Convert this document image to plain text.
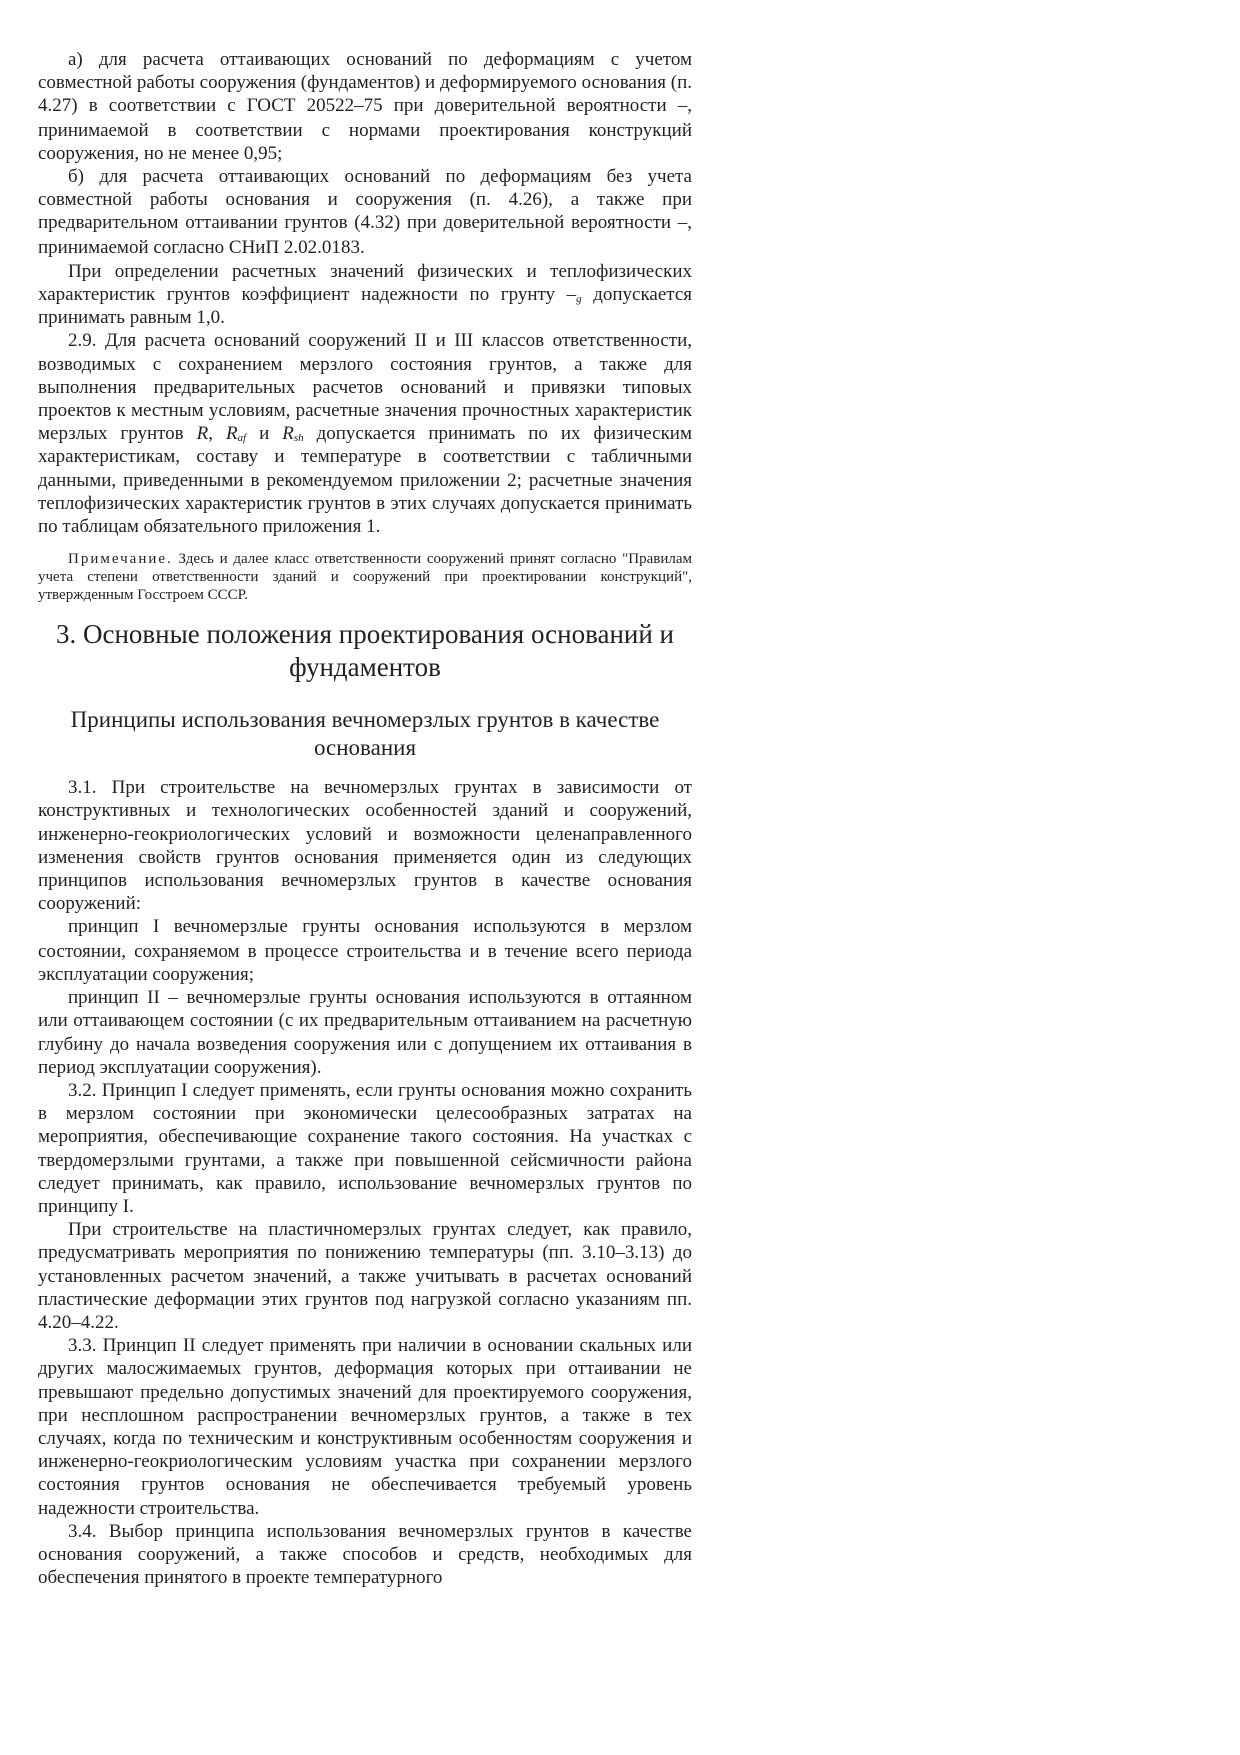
а) для расчета оттаивающих оснований по деформациям с учетом совместной работы сооружения (фундаментов) и деформируемого основания (п. 4.27) в соответствии с ГОСТ 20522–75 при доверительной вероятности –, принимаемой в соответствии с нормами проектирования конструкций сооружения, но не менее 0,95;

б) для расчета оттаивающих оснований по деформациям без учета совместной работы основания и сооружения (п. 4.26), а также при предварительном оттаивании грунтов (4.32) при доверительной вероятности –, принимаемой согласно СНиП 2.02.0183.

При определении расчетных значений физических и теплофизических характеристик грунтов коэффициент надежности по грунту $-_g$ допускается принимать равным 1,0.

2.9. Для расчета оснований сооружений II и III классов ответственности, возводимых с сохранением мерзлого состояния грунтов, а также для выполнения предварительных расчетов оснований и привязки типовых проектов к местным условиям, расчетные значения прочностных характеристик мерзлых грунтов R, $R_{af}$ и $R_{sh}$ допускается принимать по их физическим характеристикам, составу и температуре в соответствии с табличными данными, приведенными в рекомендуемом приложении 2; расчетные значения теплофизических характеристик грунтов в этих случаях допускается принимать по таблицам обязательного приложения 1.

Примечание. Здесь и далее класс ответственности сооружений принят согласно "Правилам учета степени ответственности зданий и сооружений при проектировании конструкций", утвержденным Госстроем СССР.

3. Основные положения проектирования оснований и фундаментов
Принципы использования вечномерзлых грунтов в качестве основания

3.1. При строительстве на вечномерзлых грунтах в зависимости от конструктивных и технологических особенностей зданий и сооружений, инженерно-геокриологических условий и возможности целенаправленного изменения свойств грунтов основания применяется один из следующих принципов использования вечномерзлых грунтов в качестве основания сооружений:

принцип I вечномерзлые грунты основания используются в мерзлом состоянии, сохраняемом в процессе строительства и в течение всего периода эксплуатации сооружения;

принцип II – вечномерзлые грунты основания используются в оттаянном или оттаивающем состоянии (с их предварительным оттаиванием на расчетную глубину до начала возведения сооружения или с допущением их оттаивания в период эксплуатации сооружения).

3.2. Принцип I следует применять, если грунты основания можно сохранить в мерзлом состоянии при экономически целесообразных затратах на мероприятия, обеспечивающие сохранение такого состояния. На участках с твердомерзлыми грунтами, а также при повышенной сейсмичности района следует принимать, как правило, использование вечномерзлых грунтов по принципу I.

При строительстве на пластичномерзлых грунтах следует, как правило, предусматривать мероприятия по понижению температуры (пп. 3.10–3.13) до установленных расчетом значений, а также учитывать в расчетах оснований пластические деформации этих грунтов под нагрузкой согласно указаниям пп. 4.20–4.22.

3.3. Принцип II следует применять при наличии в основании скальных или других малосжимаемых грунтов, деформация которых при оттаивании не превышают предельно допустимых значений для проектируемого сооружения, при несплошном распространении вечномерзлых грунтов, а также в тех случаях, когда по техническим и конструктивным особенностям сооружения и инженерно-геокриологическим условиям участка при сохранении мерзлого состояния грунтов основания не обеспечивается требуемый уровень надежности строительства.

3.4. Выбор принципа использования вечномерзлых грунтов в качестве основания сооружений, а также способов и средств, необходимых для обеспечения принятого в проекте температурного
